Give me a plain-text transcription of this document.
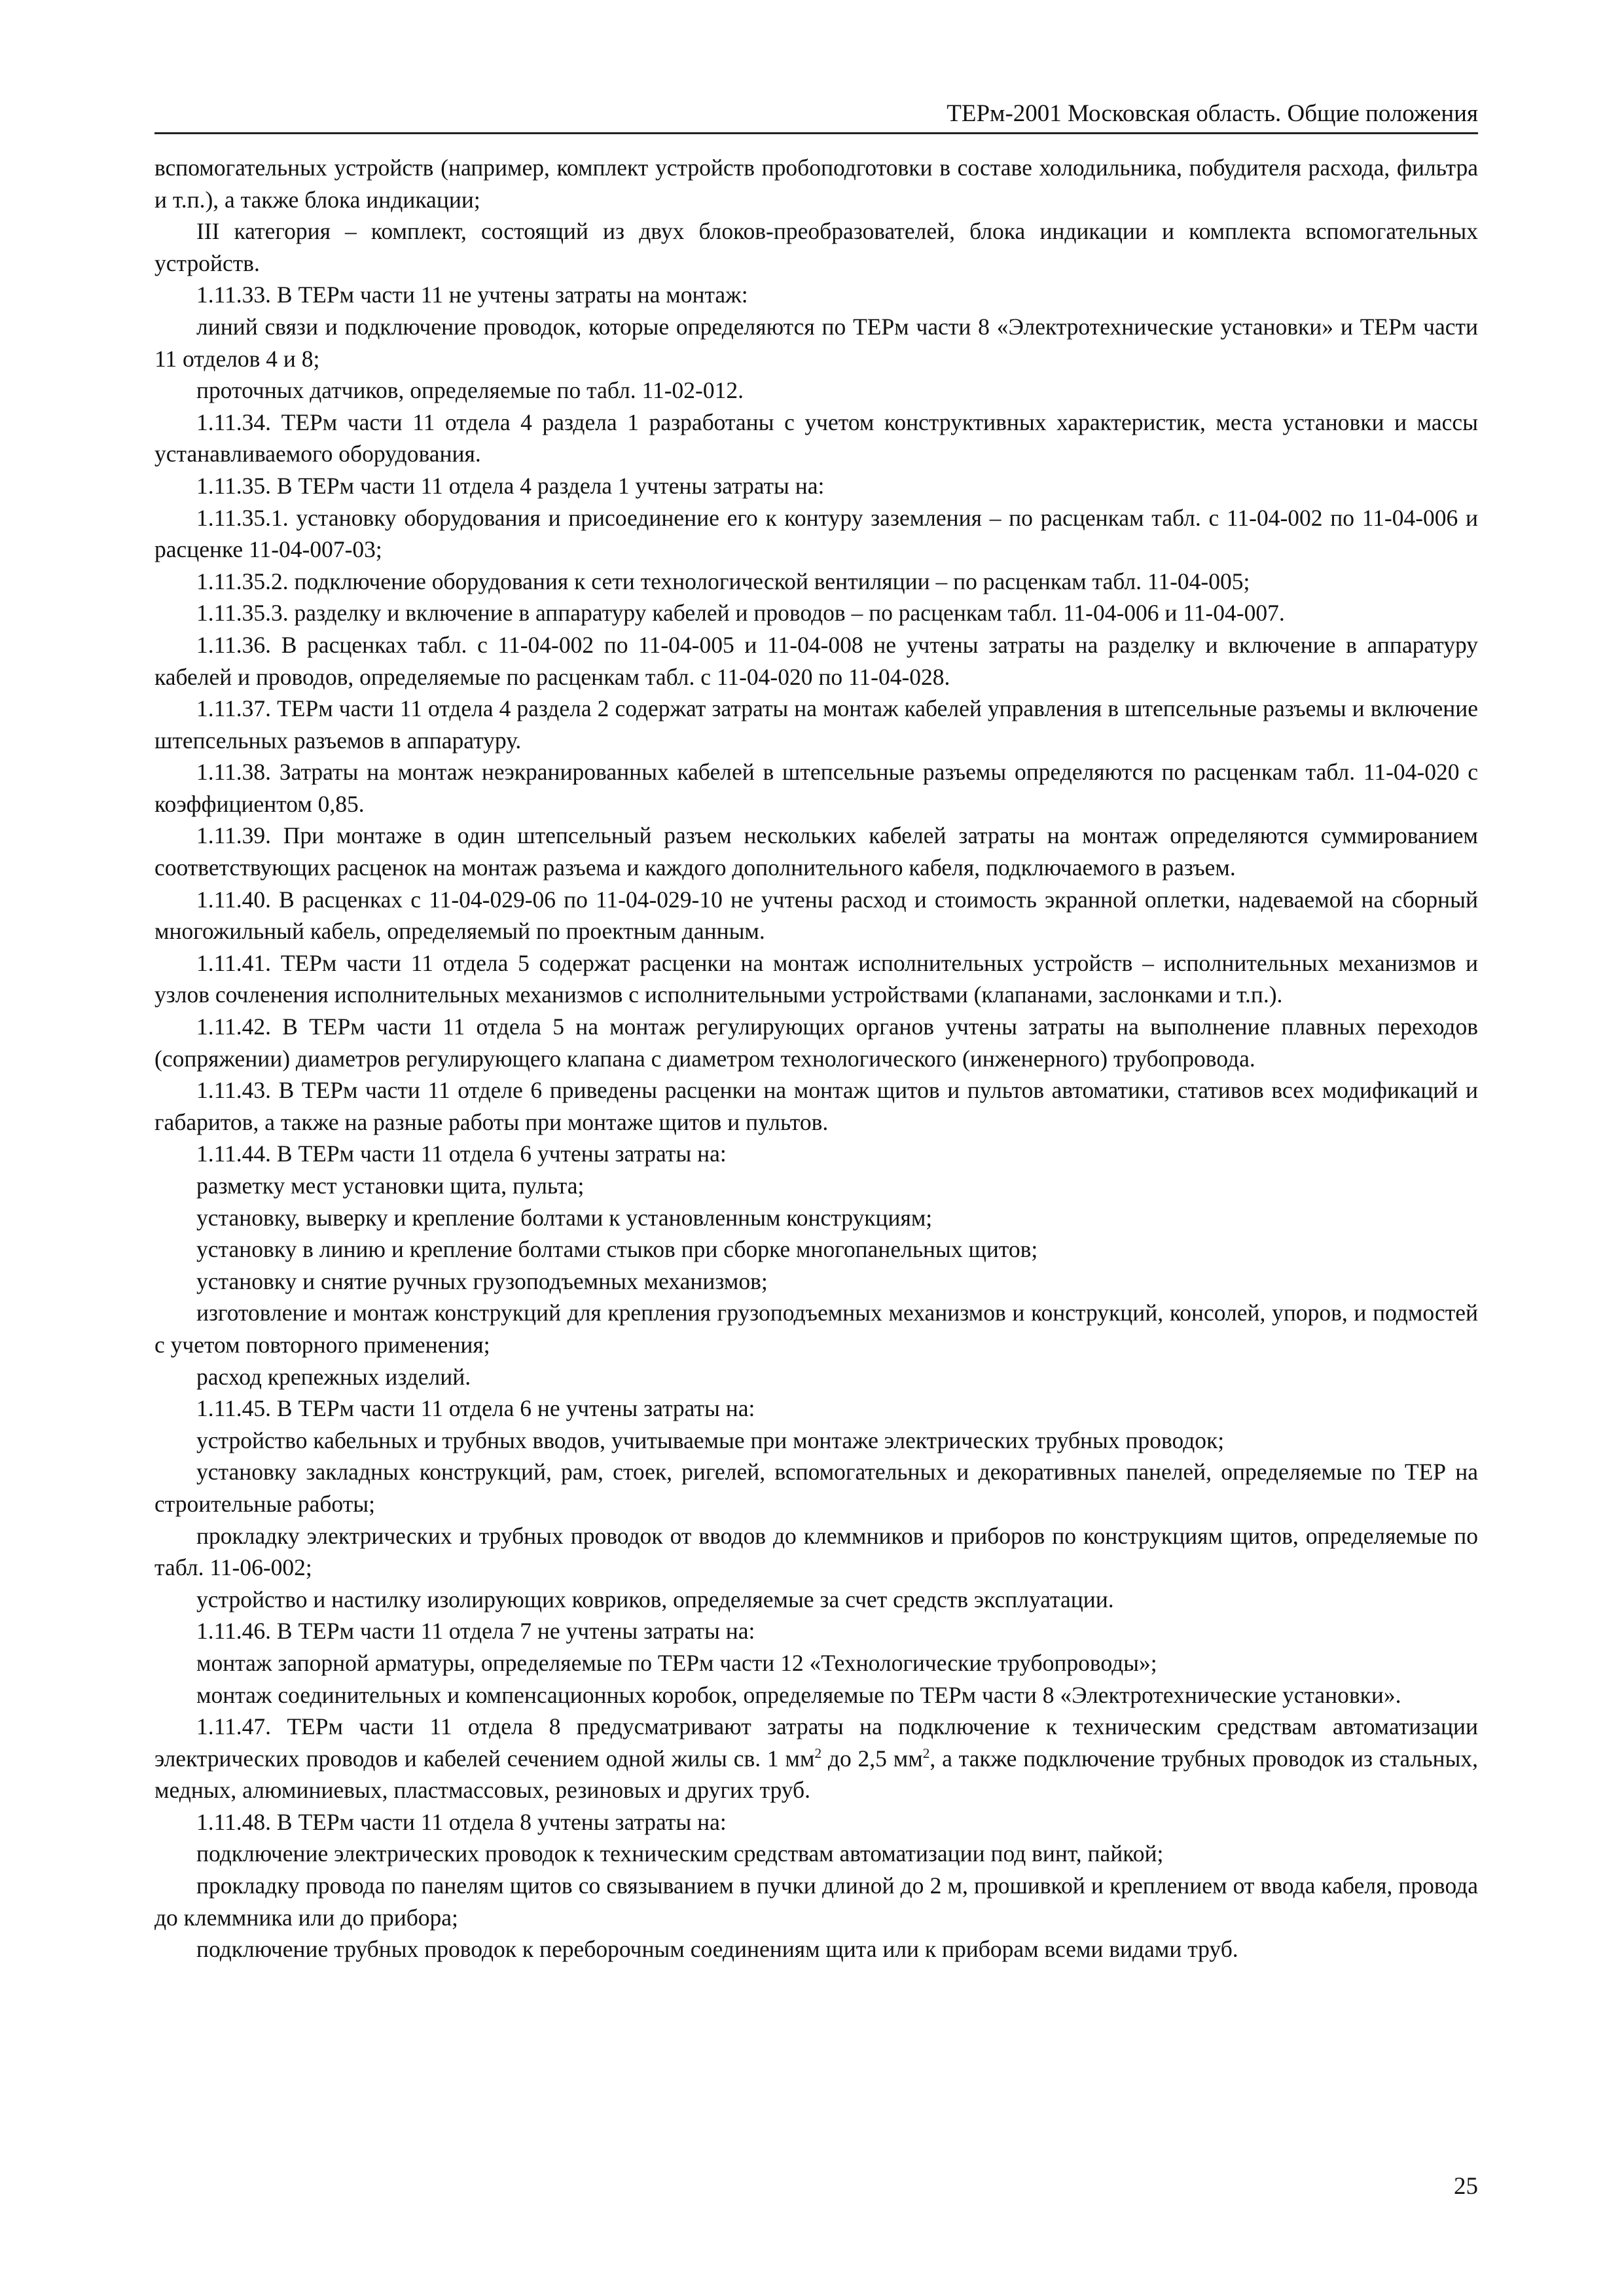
ТЕРм-2001 Московская область. Общие положения

вспомогательных устройств (например, комплект устройств пробоподготовки в составе холодильника, побудителя расхода, фильтра и т.п.), а также блока индикации;

III категория – комплект, состоящий из двух блоков-преобразователей, блока индикации и комплекта вспомогательных устройств.

1.11.33. В ТЕРм части 11 не учтены затраты на монтаж:

линий связи и подключение проводок, которые определяются по ТЕРм части 8 «Электротехнические установки» и ТЕРм части 11 отделов 4 и 8;

проточных датчиков, определяемые по табл. 11-02-012.

1.11.34. ТЕРм части 11 отдела 4 раздела 1 разработаны с учетом конструктивных характеристик, места установки и массы устанавливаемого оборудования.

1.11.35. В ТЕРм части 11 отдела 4 раздела 1 учтены затраты на:

1.11.35.1. установку оборудования и присоединение его к контуру заземления – по расценкам табл. с 11-04-002 по 11-04-006 и расценке 11-04-007-03;

1.11.35.2. подключение оборудования к сети технологической вентиляции – по расценкам табл. 11-04-005;

1.11.35.3. разделку и включение в аппаратуру кабелей и проводов – по расценкам табл. 11-04-006 и 11-04-007.

1.11.36. В расценках табл. с 11-04-002 по 11-04-005 и 11-04-008 не учтены затраты на разделку и включение в аппаратуру кабелей и проводов, определяемые по расценкам табл. с 11-04-020 по 11-04-028.

1.11.37. ТЕРм части 11 отдела 4 раздела 2 содержат затраты на монтаж кабелей управления в штепсельные разъемы и включение штепсельных разъемов в аппаратуру.

1.11.38. Затраты на монтаж неэкранированных кабелей в штепсельные разъемы определяются по расценкам табл. 11-04-020 с коэффициентом 0,85.

1.11.39. При монтаже в один штепсельный разъем нескольких кабелей затраты на монтаж определяются суммированием соответствующих расценок на монтаж разъема и каждого дополнительного кабеля, подключаемого в разъем.

1.11.40. В расценках с 11-04-029-06 по 11-04-029-10 не учтены расход и стоимость экранной оплетки, надеваемой на сборный многожильный кабель, определяемый по проектным данным.

1.11.41. ТЕРм части 11 отдела 5 содержат расценки на монтаж исполнительных устройств – исполнительных механизмов и узлов сочленения исполнительных механизмов с исполнительными устройствами (клапанами, заслонками и т.п.).

1.11.42. В ТЕРм части 11 отдела 5 на монтаж регулирующих органов учтены затраты на выполнение плавных переходов (сопряжении) диаметров регулирующего клапана с диаметром технологического (инженерного) трубопровода.

1.11.43. В ТЕРм части 11 отделе 6 приведены расценки на монтаж щитов и пультов автоматики, стативов всех модификаций и габаритов, а также на разные работы при монтаже щитов и пультов.

1.11.44. В ТЕРм части 11 отдела 6 учтены затраты на:

разметку мест установки щита, пульта;

установку, выверку и крепление болтами к установленным конструкциям;

установку в линию и крепление болтами стыков при сборке многопанельных щитов;

установку и снятие ручных грузоподъемных механизмов;

изготовление и монтаж конструкций для крепления грузоподъемных механизмов и конструкций, консолей, упоров, и подмостей с учетом повторного применения;

расход крепежных изделий.

1.11.45. В ТЕРм части 11 отдела 6 не учтены затраты на:

устройство кабельных и трубных вводов, учитываемые при монтаже электрических трубных проводок;

установку закладных конструкций, рам, стоек, ригелей, вспомогательных и декоративных панелей, определяемые по ТЕР на строительные работы;

прокладку электрических и трубных проводок от вводов до клеммников и приборов по конструкциям щитов, определяемые по табл. 11-06-002;

устройство и настилку изолирующих ковриков, определяемые за счет средств эксплуатации.

1.11.46. В ТЕРм части 11 отдела 7 не учтены затраты на:

монтаж запорной арматуры, определяемые по ТЕРм части 12 «Технологические трубопроводы»;

монтаж соединительных и компенсационных коробок, определяемые по ТЕРм части 8 «Электротехнические установки».

1.11.47. ТЕРм части 11 отдела 8 предусматривают затраты на подключение к техническим средствам автоматизации электрических проводов и кабелей сечением одной жилы св. 1 $мм^2$ до 2,5 $мм^2$, а также подключение трубных проводок из стальных, медных, алюминиевых, пластмассовых, резиновых и других труб.

1.11.48. В ТЕРм части 11 отдела 8 учтены затраты на:

подключение электрических проводок к техническим средствам автоматизации под винт, пайкой;

прокладку провода по панелям щитов со связыванием в пучки длиной до 2 м, прошивкой и креплением от ввода кабеля, провода до клеммника или до прибора;

подключение трубных проводок к переборочным соединениям щита или к приборам всеми видами труб.

25
